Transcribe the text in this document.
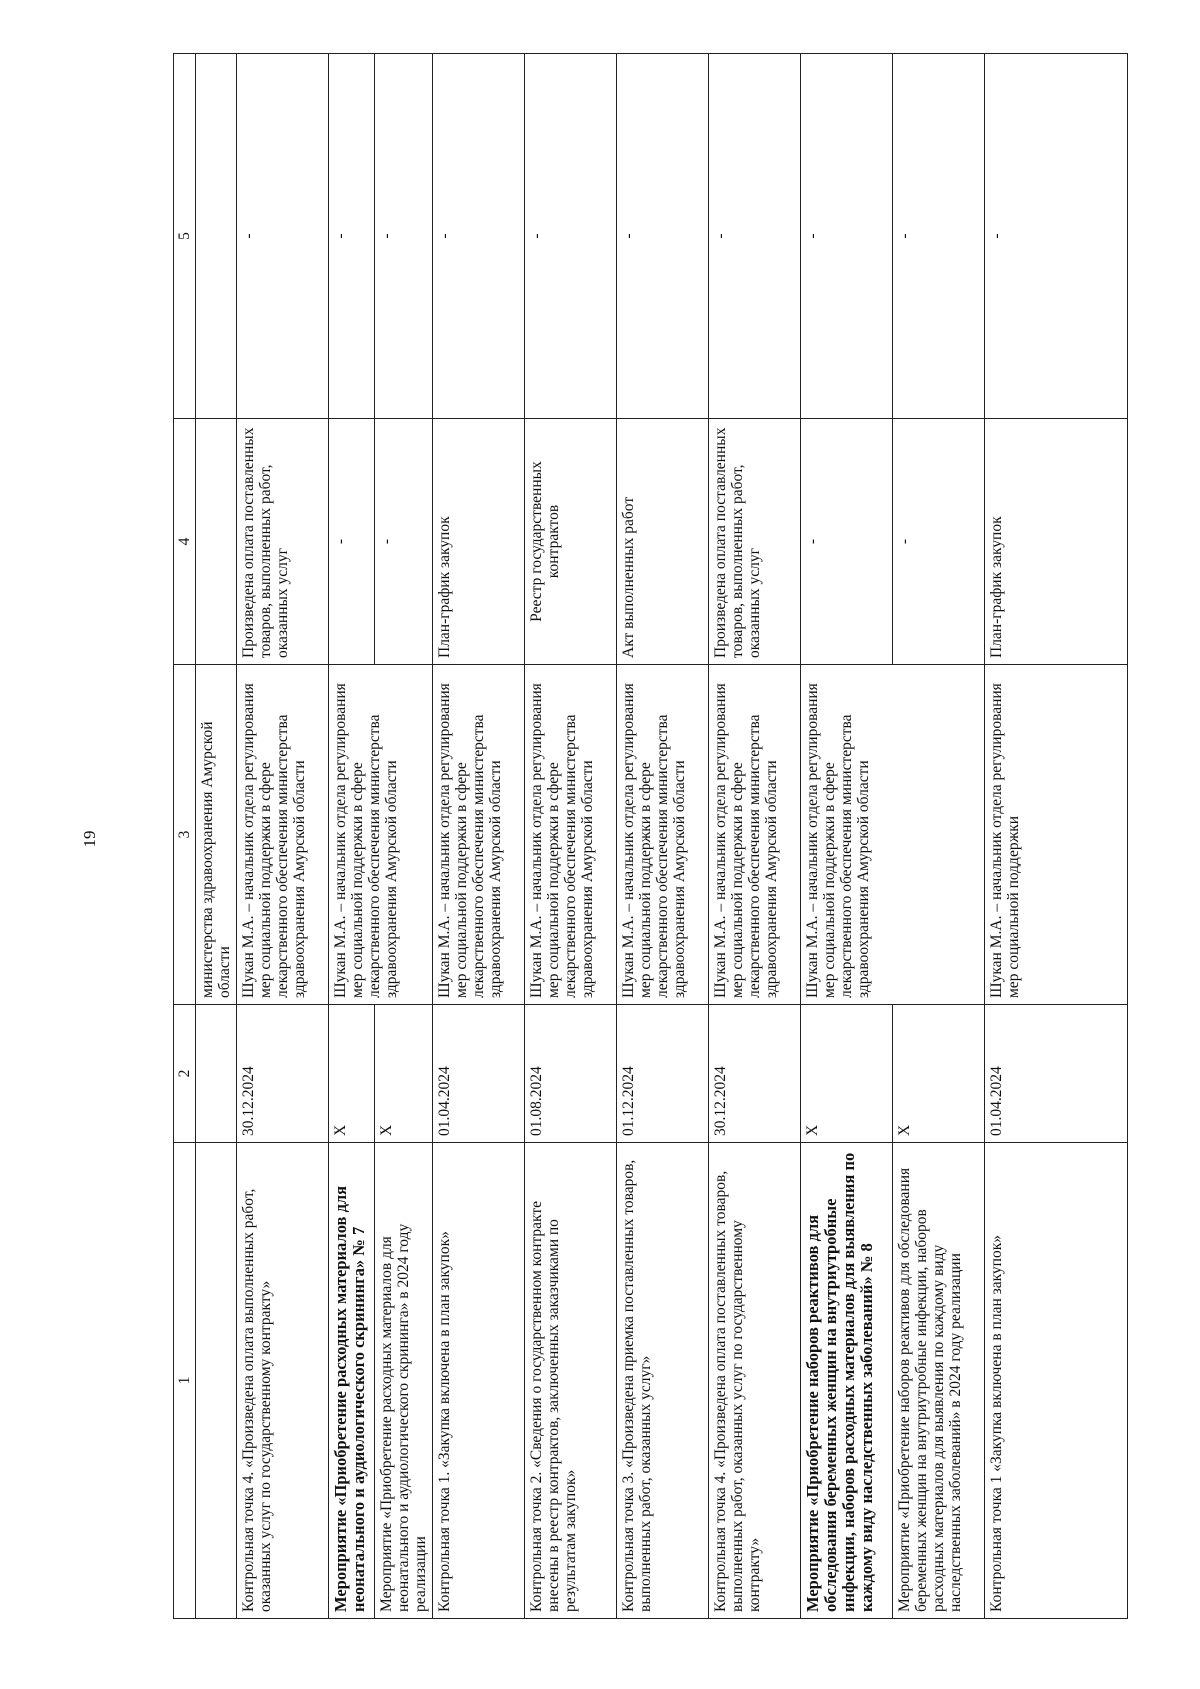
19
1	2	3	4	5
		министерства здравоохранения Амурской области		
Контрольная точка 4. «Произведена оплата выполненных работ, оказанных услуг по государственному контракту»	30.12.2024	Шукан М.А. – начальник отдела регулирования мер социальной поддержки в сфере лекарственного обеспечения министерства здравоохранения Амурской области	Произведена оплата поставленных товаров, выполненных работ, оказанных услуг	-
Мероприятие «Приобретение расходных материалов для неонатального и аудиологического скрининга» № 7	Х	Шукан М.А. – начальник отдела регулирования мер социальной поддержки в сфере лекарственного обеспечения министерства здравоохранения Амурской области	-	-
Мероприятие «Приобретение расходных материалов для неонатального и аудиологического скрининга» в 2024 году реализации	Х		-	-
Контрольная точка 1. «Закупка включена в план закупок»	01.04.2024	Шукан М.А. – начальник отдела регулирования мер социальной поддержки в сфере лекарственного обеспечения министерства здравоохранения Амурской области	План-график закупок	-
Контрольная точка 2. «Сведения о государственном контракте внесены в реестр контрактов, заключенных заказчиками по результатам закупок»	01.08.2024	Шукан М.А. – начальник отдела регулирования мер социальной поддержки в сфере лекарственного обеспечения министерства здравоохранения Амурской области	Реестр государственных контрактов	-
Контрольная точка 3. «Произведена приемка поставленных товаров, выполненных работ, оказанных услуг»	01.12.2024	Шукан М.А. – начальник отдела регулирования мер социальной поддержки в сфере лекарственного обеспечения министерства здравоохранения Амурской области	Акт выполненных работ	-
Контрольная точка 4. «Произведена оплата поставленных товаров, выполненных работ, оказанных услуг по государственному контракту»	30.12.2024	Шукан М.А. – начальник отдела регулирования мер социальной поддержки в сфере лекарственного обеспечения министерства здравоохранения Амурской области	Произведена оплата поставленных товаров, выполненных работ, оказанных услуг	-
Мероприятие «Приобретение наборов реактивов для обследования беременных женщин на внутриутробные инфекции, наборов расходных материалов для выявления по каждому виду наследственных заболеваний» № 8	Х	Шукан М.А. – начальник отдела регулирования мер социальной поддержки в сфере лекарственного обеспечения министерства здравоохранения Амурской области	-	-
Мероприятие «Приобретение наборов реактивов для обследования беременных женщин на внутриутробные инфекции, наборов расходных материалов для выявления по каждому виду наследственных заболеваний» в 2024 году реализации	Х		-	-
Контрольная точка 1 «Закупка включена в план закупок»	01.04.2024	Шукан М.А. – начальник отдела регулирования мер социальной поддержки	План-график закупок	-
